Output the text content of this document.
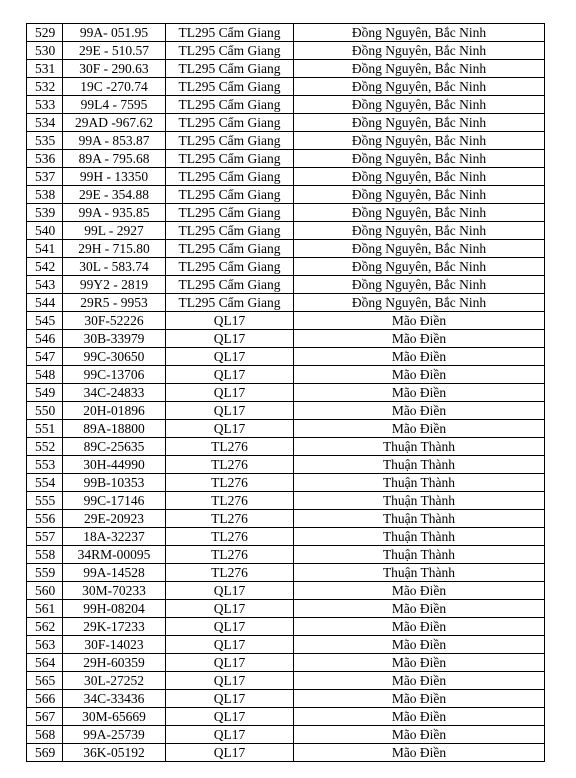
529	99A- 051.95	TL295 Cẩm Giang	Đồng Nguyên, Bắc Ninh
530	29E - 510.57	TL295 Cẩm Giang	Đồng Nguyên, Bắc Ninh
531	30F - 290.63	TL295 Cẩm Giang	Đồng Nguyên, Bắc Ninh
532	19C -270.74	TL295 Cẩm Giang	Đồng Nguyên, Bắc Ninh
533	99L4 - 7595	TL295 Cẩm Giang	Đồng Nguyên, Bắc Ninh
534	29AD -967.62	TL295 Cẩm Giang	Đồng Nguyên, Bắc Ninh
535	99A - 853.87	TL295 Cẩm Giang	Đồng Nguyên, Bắc Ninh
536	89A - 795.68	TL295 Cẩm Giang	Đồng Nguyên, Bắc Ninh
537	99H - 13350	TL295 Cẩm Giang	Đồng Nguyên, Bắc Ninh
538	29E - 354.88	TL295 Cẩm Giang	Đồng Nguyên, Bắc Ninh
539	99A - 935.85	TL295 Cẩm Giang	Đồng Nguyên, Bắc Ninh
540	99L - 2927	TL295 Cẩm Giang	Đồng Nguyên, Bắc Ninh
541	29H - 715.80	TL295 Cẩm Giang	Đồng Nguyên, Bắc Ninh
542	30L - 583.74	TL295 Cẩm Giang	Đồng Nguyên, Bắc Ninh
543	99Y2 - 2819	TL295 Cẩm Giang	Đồng Nguyên, Bắc Ninh
544	29R5 - 9953	TL295 Cẩm Giang	Đồng Nguyên, Bắc Ninh
545	30F-52226	QL17	Mão Điền
546	30B-33979	QL17	Mão Điền
547	99C-30650	QL17	Mão Điền
548	99C-13706	QL17	Mão Điền
549	34C-24833	QL17	Mão Điền
550	20H-01896	QL17	Mão Điền
551	89A-18800	QL17	Mão Điền
552	89C-25635	TL276	Thuận Thành
553	30H-44990	TL276	Thuận Thành
554	99B-10353	TL276	Thuận Thành
555	99C-17146	TL276	Thuận Thành
556	29E-20923	TL276	Thuận Thành
557	18A-32237	TL276	Thuận Thành
558	34RM-00095	TL276	Thuận Thành
559	99A-14528	TL276	Thuận Thành
560	30M-70233	QL17	Mão Điền
561	99H-08204	QL17	Mão Điền
562	29K-17233	QL17	Mão Điền
563	30F-14023	QL17	Mão Điền
564	29H-60359	QL17	Mão Điền
565	30L-27252	QL17	Mão Điền
566	34C-33436	QL17	Mão Điền
567	30M-65669	QL17	Mão Điền
568	99A-25739	QL17	Mão Điền
569	36K-05192	QL17	Mão Điền
